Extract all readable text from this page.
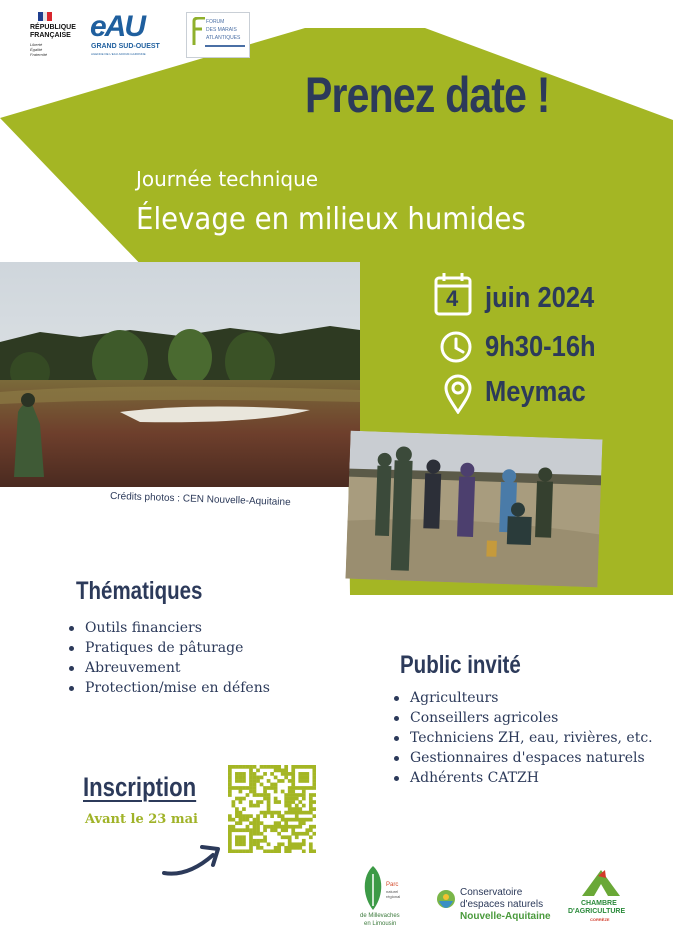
RÉPUBLIQUE
FRANÇAISE
Liberté
Égalité
Fraternité
eAU
GRAND SUD-OUEST
AGENCE DE L'EAU ADOUR-GARONNE
FORUM
DES MARAIS
ATLANTIQUES
Prenez date !
Journée technique
Élevage en milieux humides
4 juin 2024
9h30-16h
Meymac
Crédits photos : CEN Nouvelle-Aquitaine
Thématiques
Outils financiers
Pratiques de pâturage
Abreuvement
Protection/mise en défens
Public invité
Agriculteurs
Conseillers agricoles
Techniciens ZH, eau, rivières, etc.
Gestionnaires d'espaces naturels
Adhérents CATZH
Inscription
Avant le 23 mai
Parc
naturel
régional
de Millevaches
en Limousin
Conservatoire
d'espaces naturels
Nouvelle-Aquitaine
CHAMBRE
D'AGRICULTURE
CORRÈZE
